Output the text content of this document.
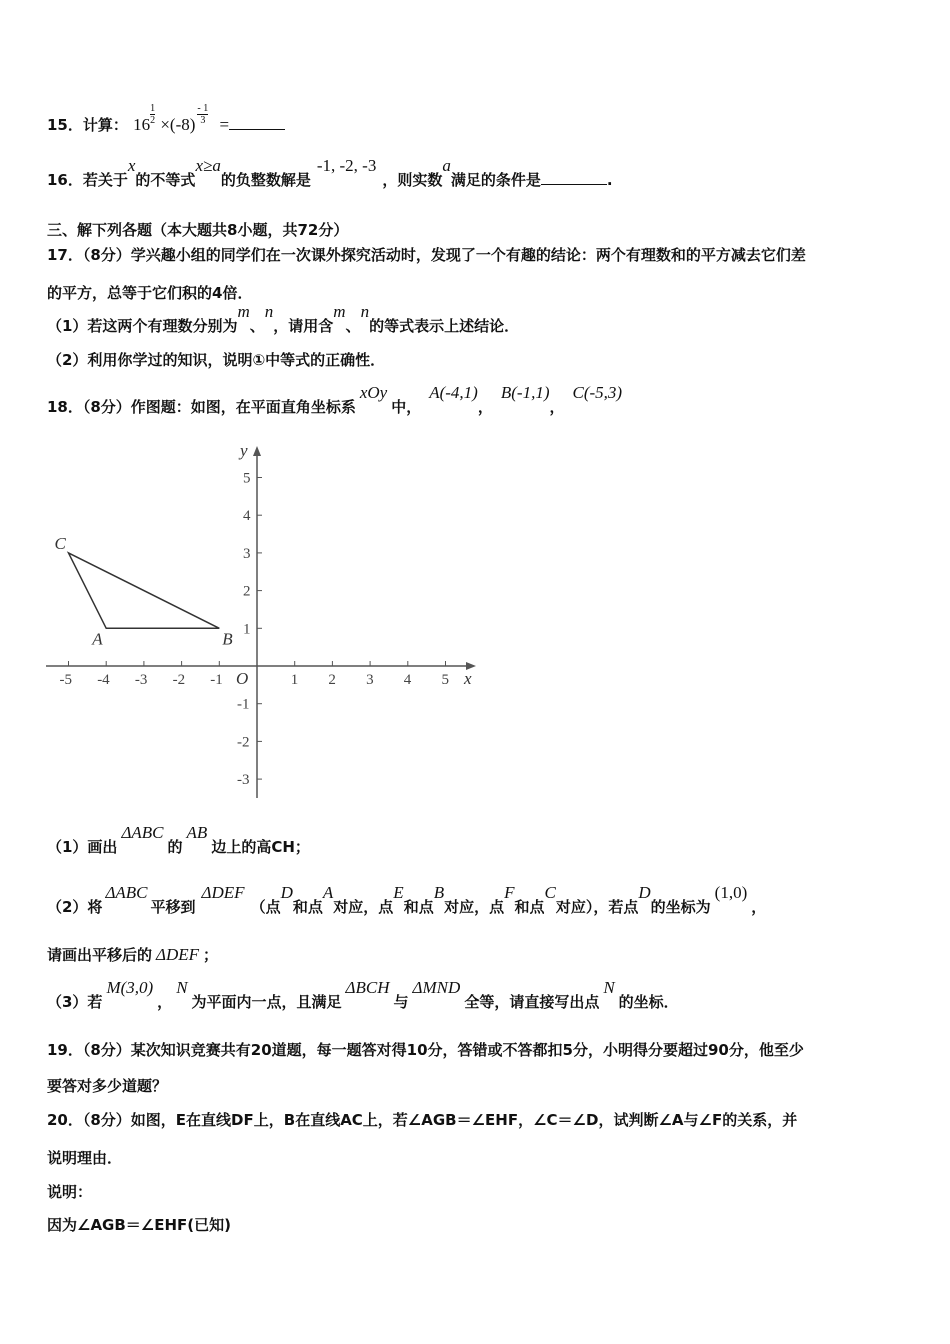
15．计算： $16 \frac{1}{2} \times(-8) \frac{- 1}{3}$ =
16．若关于x的不等式x≥a的负整数解是-1, -2, -3，则实数a满足的条件是	.
三、解下列各题（本大题共8小题，共72分）
17．（8分）学兴趣小组的同学们在一次课外探究活动时，发现了一个有趣的结论：两个有理数和的平方减去它们差
的平方，总等于它们积的4倍．
（1）若这两个有理数分别为m、n，请用含m、n的等式表示上述结论．
（2）利用你学过的知识，说明①中等式的正确性．
18．（8分）作图题：如图，在平面直角坐标系xOy中，A(-4,1)，B(-1,1)，C(-5,3)
-5 -4 -3 -2 -1	1 2 3 4 5
5
4
3
2
1
-1
-2
-3
x
y
O
A	B
C
（1）画出ΔABC的AB边上的高CH；
（2）将ΔABC平移到ΔDEF（点D和点A对应，点E和点B对应，点F和点C对应），若点D的坐标为(1,0)，
请画出平移后的 ΔDEF ；
（3）若M(3,0)，N为平面内一点，且满足ΔBCH与ΔMND全等，请直接写出点N的坐标．
19．（8分）某次知识竞赛共有20道题，每一题答对得10分，答错或不答都扣5分，小明得分要超过90分，他至少
要答对多少道题？
20．（8分）如图，E在直线DF上，B在直线AC上，若∠AGB＝∠EHF，∠C＝∠D，试判断∠A与∠F的关系，并
说明理由．
说明：
因为∠AGB＝∠EHF(已知)
